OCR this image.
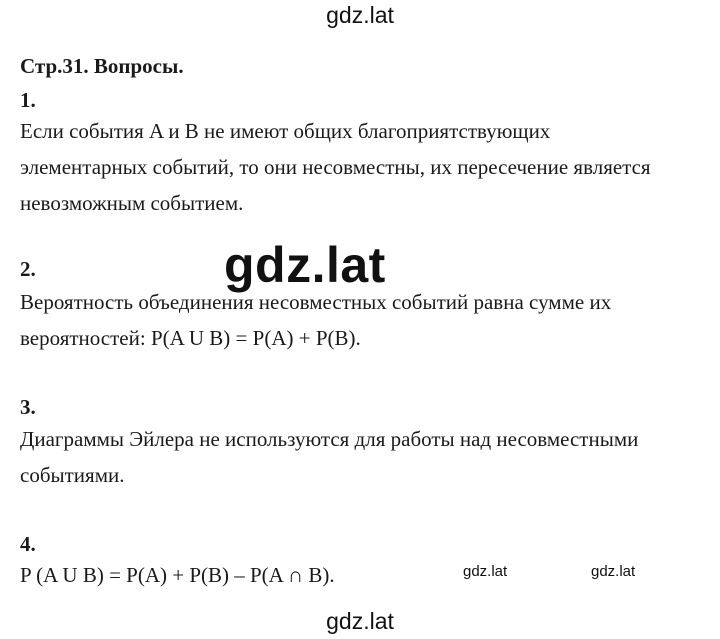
gdz.lat
Стр.31. Вопросы.
1.
Если события A и B не имеют общих благоприятствующих
элементарных событий, то они несовместны, их пересечение является
невозможным событием.
2.
Вероятность объединения несовместных событий равна сумме их
вероятностей: P(A U B) = P(A) + P(B).
3.
Диаграммы Эйлера не используются для работы над несовместными
событиями.
4.
P (A U B) = P(A) + P(B) – P(A ∩ B).
gdz.lat
gdz.lat	gdz.lat
gdz.lat
